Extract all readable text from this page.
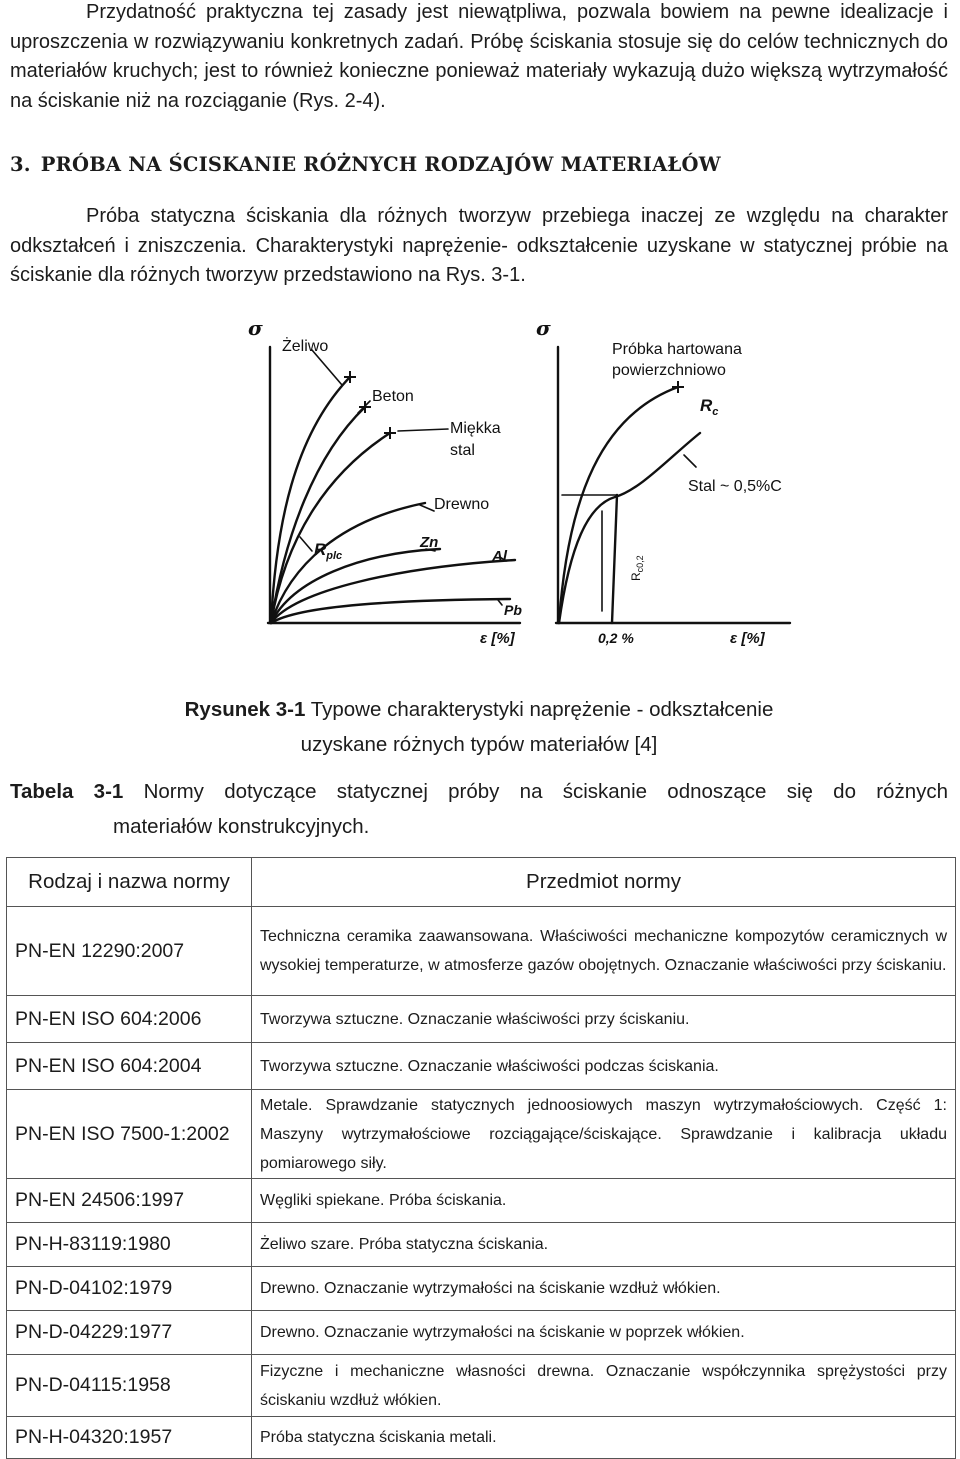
Przydatność praktyczna tej zasady jest niewątpliwa, pozwala bowiem na pewne idealizacje i uproszczenia w rozwiązywaniu konkretnych zadań. Próbę ściskania stosuje się do celów technicznych do materiałów kruchych; jest to również konieczne ponieważ materiały wykazują dużo większą wytrzymałość na ściskanie niż na rozciąganie (Rys. 2-4).

3. PRÓBA NA ŚCISKANIE RÓŻNYCH RODZAJÓW MATERIAŁÓW

Próba statyczna ściskania dla różnych tworzyw przebiega inaczej ze względu na charakter odkształceń i zniszczenia. Charakterystyki naprężenie- odkształcenie uzyskane w statycznej próbie na ściskanie dla różnych tworzyw przedstawiono na Rys. 3-1.

σ
Żeliwo
Beton
Miękka
stal
Drewno
$R_{plc}$
Zn
Al
Pb
ε [%]
σ
Próbka hartowana
powierzchniowo
$R_c$
Stal ~ 0,5%C
0,2 %	ε [%]
$R_{c0,2}$

Rysunek 3-1 Typowe charakterystyki naprężenie - odkształcenie uzyskane różnych typów materiałów [4]

Tabela 3-1 Normy dotyczące statycznej próby na ściskanie odnoszące się do różnych
materiałów konstrukcyjnych.

Rodzaj i nazwa normy	Przedmiot normy
PN-EN 12290:2007	Techniczna ceramika zaawansowana. Właściwości mechaniczne kompozytów ceramicznych w wysokiej temperaturze, w atmosferze gazów obojętnych. Oznaczanie właściwości przy ściskaniu.
PN-EN ISO 604:2006	Tworzywa sztuczne. Oznaczanie właściwości przy ściskaniu.
PN-EN ISO 604:2004	Tworzywa sztuczne. Oznaczanie właściwości podczas ściskania.
PN-EN ISO 7500-1:2002	Metale. Sprawdzanie statycznych jednoosiowych maszyn wytrzymałościowych. Część 1: Maszyny wytrzymałościowe rozciągające/ściskające. Sprawdzanie i kalibracja układu pomiarowego siły.
PN-EN 24506:1997	Węgliki spiekane. Próba ściskania.
PN-H-83119:1980	Żeliwo szare. Próba statyczna ściskania.
PN-D-04102:1979	Drewno. Oznaczanie wytrzymałości na ściskanie wzdłuż włókien.
PN-D-04229:1977	Drewno. Oznaczanie wytrzymałości na ściskanie w poprzek włókien.
PN-D-04115:1958	Fizyczne i mechaniczne własności drewna. Oznaczanie współczynnika sprężystości przy ściskaniu wzdłuż włókien.
PN-H-04320:1957	Próba statyczna ściskania metali.
